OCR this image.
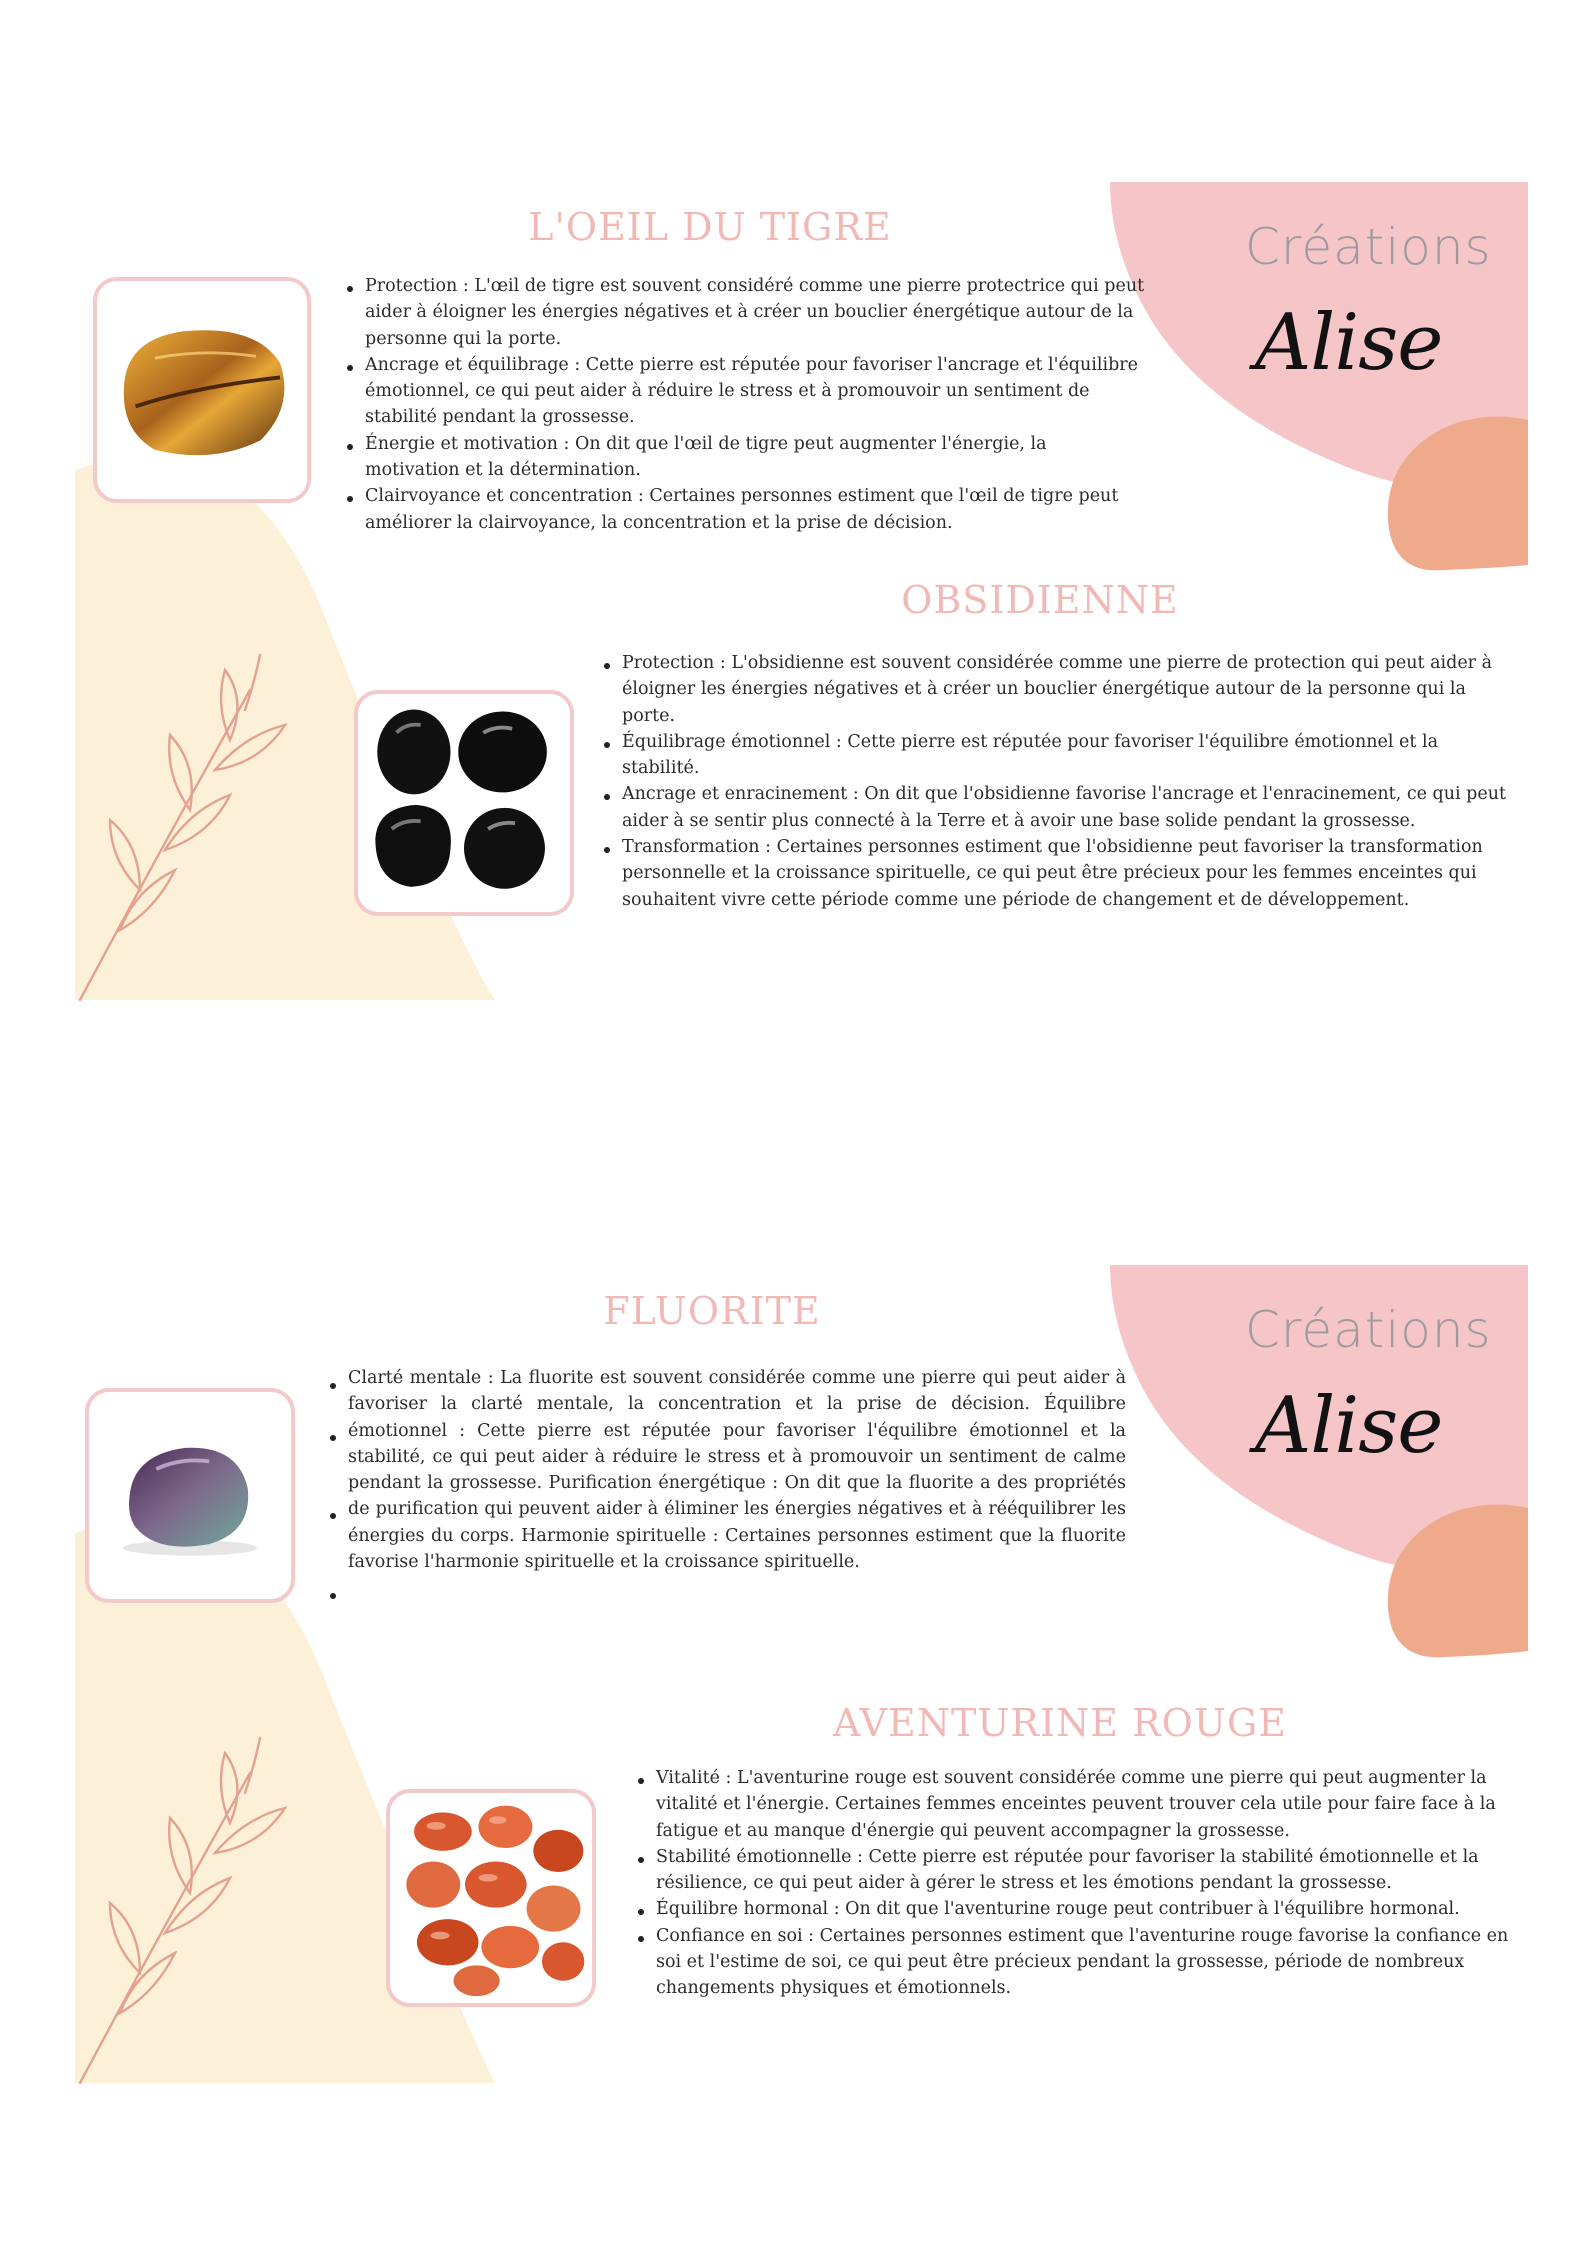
Créations
Alise
L'OEIL DU TIGRE
Protection : L'œil de tigre est souvent considéré comme une pierre protectrice qui peut aider à éloigner les énergies négatives et à créer un bouclier énergétique autour de la personne qui la porte.
Ancrage et équilibrage : Cette pierre est réputée pour favoriser l'ancrage et l'équilibre émotionnel, ce qui peut aider à réduire le stress et à promouvoir un sentiment de stabilité pendant la grossesse.
Énergie et motivation : On dit que l'œil de tigre peut augmenter l'énergie, la motivation et la détermination.
Clairvoyance et concentration : Certaines personnes estiment que l'œil de tigre peut améliorer la clairvoyance, la concentration et la prise de décision.
OBSIDIENNE
Protection : L'obsidienne est souvent considérée comme une pierre de protection qui peut aider à éloigner les énergies négatives et à créer un bouclier énergétique autour de la personne qui la porte.
Équilibrage émotionnel : Cette pierre est réputée pour favoriser l'équilibre émotionnel et la stabilité.
Ancrage et enracinement : On dit que l'obsidienne favorise l'ancrage et l'enracinement, ce qui peut aider à se sentir plus connecté à la Terre et à avoir une base solide pendant la grossesse.
Transformation : Certaines personnes estiment que l'obsidienne peut favoriser la transformation personnelle et la croissance spirituelle, ce qui peut être précieux pour les femmes enceintes qui souhaitent vivre cette période comme une période de changement et de développement.
Créations
Alise
FLUORITE

Clarté mentale : La fluorite est souvent considérée comme une pierre qui peut aider à favoriser la clarté mentale, la concentration et la prise de décision. Équilibre émotionnel : Cette pierre est réputée pour favoriser l'équilibre émotionnel et la stabilité, ce qui peut aider à réduire le stress et à promouvoir un sentiment de calme pendant la grossesse. Purification énergétique : On dit que la fluorite a des propriétés de purification qui peuvent aider à éliminer les énergies négatives et à rééquilibrer les énergies du corps. Harmonie spirituelle : Certaines personnes estiment que la fluorite favorise l'harmonie spirituelle et la croissance spirituelle.

AVENTURINE ROUGE
Vitalité : L'aventurine rouge est souvent considérée comme une pierre qui peut augmenter la vitalité et l'énergie. Certaines femmes enceintes peuvent trouver cela utile pour faire face à la fatigue et au manque d'énergie qui peuvent accompagner la grossesse.
Stabilité émotionnelle : Cette pierre est réputée pour favoriser la stabilité émotionnelle et la résilience, ce qui peut aider à gérer le stress et les émotions pendant la grossesse.
Équilibre hormonal : On dit que l'aventurine rouge peut contribuer à l'équilibre hormonal.
Confiance en soi : Certaines personnes estiment que l'aventurine rouge favorise la confiance en soi et l'estime de soi, ce qui peut être précieux pendant la grossesse, période de nombreux changements physiques et émotionnels.
